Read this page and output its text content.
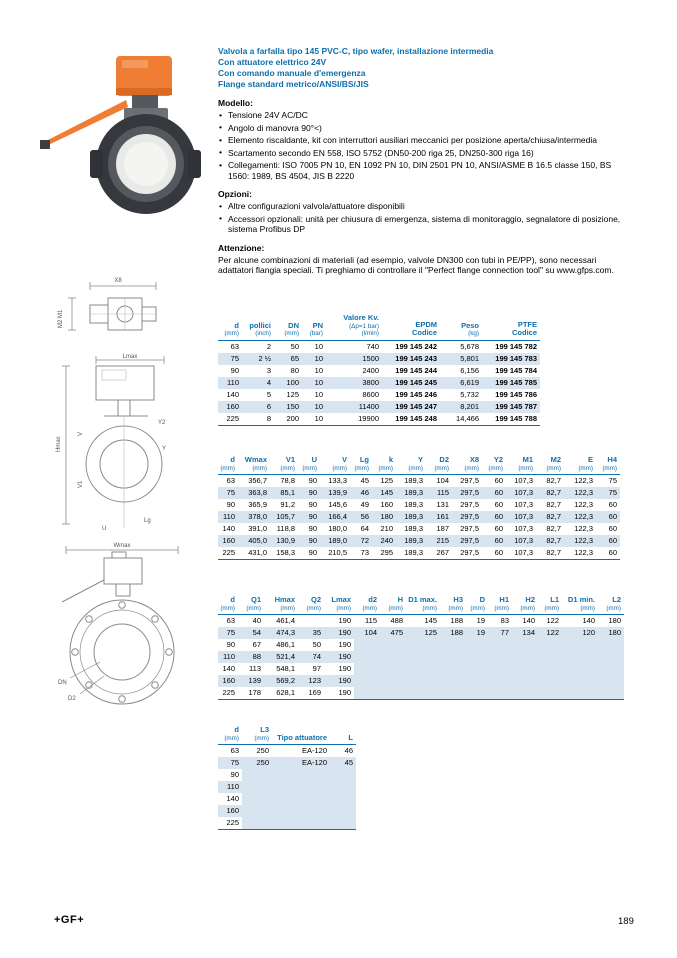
X8
M2 M1
Lmax
Hmax
V
V1
Y2
Y
U
Lg
Wmax
DN
D2
Valvola a farfalla tipo 145 PVC-C, tipo wafer, installazione intermedia
Con attuatore elettrico 24V
Con comando manuale d'emergenza
Flange standard metrico/ANSI/BS/JIS
Modello:
• Tensione 24V AC/DC
• Angolo di manovra 90°<)
• Elemento riscaldante, kit con interruttori ausiliari meccanici per posizione aperta/chiusa/intermedia
• Scartamento secondo EN 558, ISO 5752 (DN50-200 riga 25, DN250-300 riga 16)
• Collegamenti: ISO 7005 PN 10, EN 1092 PN 10, DIN 2501 PN 10, ANSI/ASME B 16.5 classe 150, BS 1560: 1989, BS 4504, JIS B 2220
Opzioni:
• Altre configurazioni valvola/attuatore disponibili
• Accessori opzionali: unità per chiusura di emergenza, sistema di monitoraggio, segnalatore di posizione, sistema Profibus DP
Attenzione:
Per alcune combinazioni di materiali (ad esempio, valvole DN300 con tubi in PE/PP), sono necessari adattatori flangia speciali. Ti preghiamo di controllare il "Perfect flange connection tool" su www.gfps.com.
d
(mm)

pollici
(inch)

DN
(mm)

PN
(bar)

Valore Kv.
(Δp=1 bar)
(l/min)

EPDM
Codice

Peso
(kg)

PTFE
Codice

63	2	50	10	740	199 145 242	5,678	199 145 782
75	2 ½	65	10	1500	199 145 243	5,801	199 145 783
90	3	80	10	2400	199 145 244	6,156	199 145 784
110	4	100	10	3800	199 145 245	6,619	199 145 785
140	5	125	10	8600	199 145 246	5,732	199 145 786
160	6	150	10	11400	199 145 247	8,201	199 145 787
225	8	200	10	19900	199 145 248	14,466	199 145 788
d
(mm)

Wmax
(mm)

V1
(mm)

U
(mm)

V
(mm)

Lg
(mm)

k
(mm)

Y
(mm)

D2
(mm)

X8
(mm)

Y2
(mm)

M1
(mm)

M2
(mm)

E
(mm)

H4
(mm)

63	356,7	78,8	90	133,3	45	125	189,3	104	297,5	60	107,3	82,7	122,3	75
75	363,8	85,1	90	139,9	46	145	189,3	115	297,5	60	107,3	82,7	122,3	75
90	365,9	91,2	90	145,6	49	160	189,3	131	297,5	60	107,3	82,7	122,3	60
110	378,0	105,7	90	166,4	56	180	189,3	161	297,5	60	107,3	82,7	122,3	60
140	391,0	118,8	90	180,0	64	210	189,3	187	297,5	60	107,3	82,7	122,3	60
160	405,0	130,9	90	189,0	72	240	189,3	215	297,5	60	107,3	82,7	122,3	60
225	431,0	158,3	90	210,5	73	295	189,3	267	297,5	60	107,3	82,7	122,3	60
d
(mm)

Q1
(mm)

Hmax
(mm)

Q2
(mm)

Lmax
(mm)

d2
(mm)

H
(mm)

D1 max.
(mm)

H3
(mm)

D
(mm)

H1
(mm)

H2
(mm)

L1
(mm)

D1 min.
(mm)

L2
(mm)

63	40	461,4		190	115	488	145	188	19	83	140	122	140	180
75	54	474,3	35	190	104	475	125	188	19	77	134	122	120	180
90	67	486,1	50	190										
110	88	521,4	74	190										
140	113	548,1	97	190										
160	139	569,2	123	190										
225	178	628,1	169	190										
d
(mm)

L3
(mm)	Tipo attuatore	L

63	250	EA-120	46
75	250	EA-120	45
90			
110			
140			
160			
225			
+GF+	189
